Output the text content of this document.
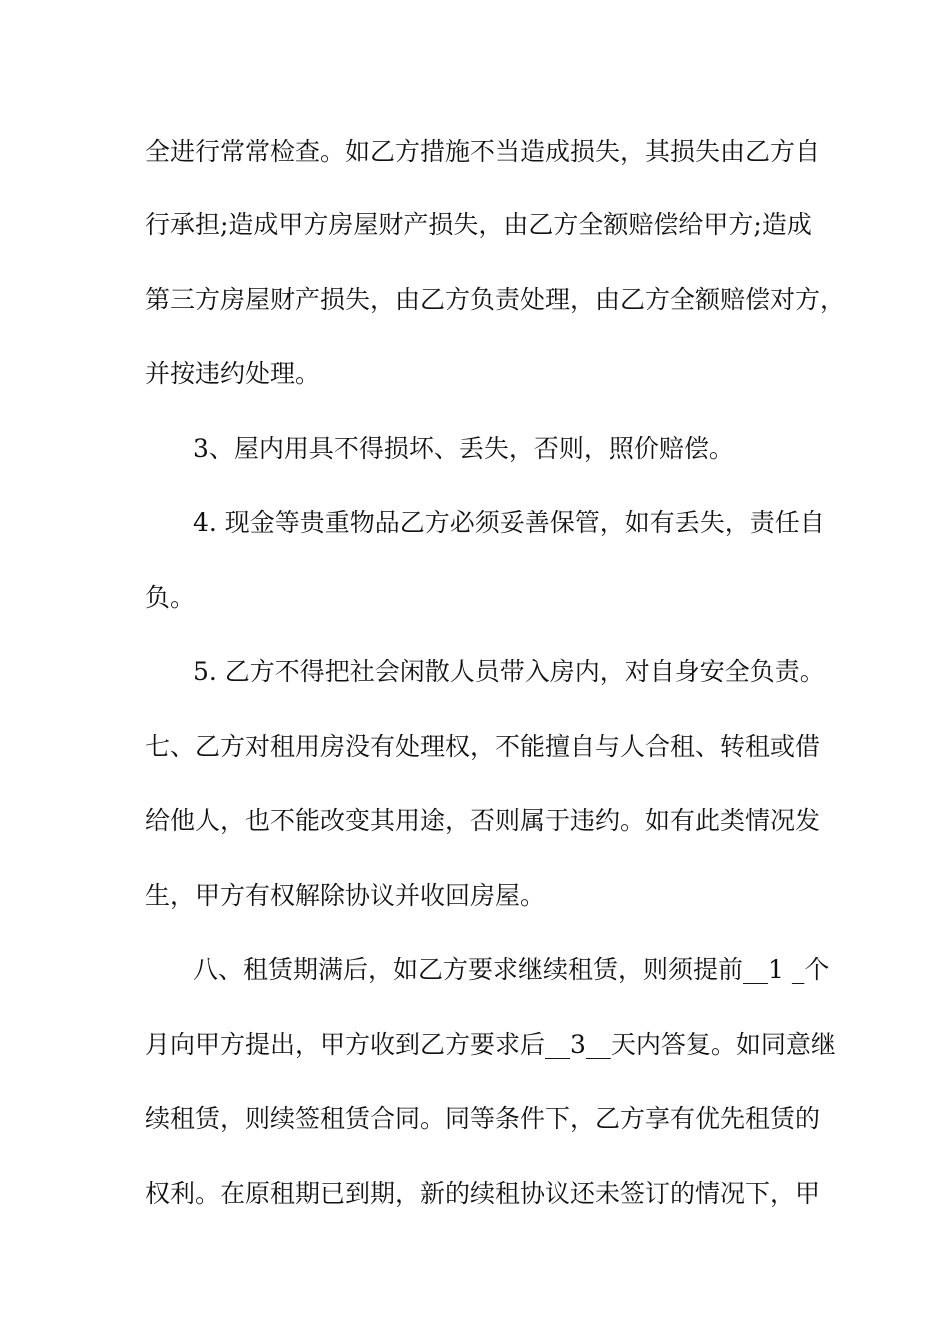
全进行常常检查。如乙方措施不当造成损失，其损失由乙方自
行承担;造成甲方房屋财产损失，由乙方全额赔偿给甲方;造成
第三方房屋财产损失，由乙方负责处理，由乙方全额赔偿对方，
并按违约处理。
3、屋内用具不得损坏、丢失，否则，照价赔偿。
4. 现金等贵重物品乙方必须妥善保管，如有丢失，责任自
负。
5. 乙方不得把社会闲散人员带入房内，对自身安全负责。
七、乙方对租用房没有处理权，不能擅自与人合租、转租或借
给他人，也不能改变其用途，否则属于违约。如有此类情况发
生，甲方有权解除协议并收回房屋。
八、租赁期满后，如乙方要求继续租赁，则须提前__1 _个
月向甲方提出，甲方收到乙方要求后__3__天内答复。如同意继
续租赁，则续签租赁合同。同等条件下，乙方享有优先租赁的
权利。在原租期已到期，新的续租协议还未签订的情况下，甲
